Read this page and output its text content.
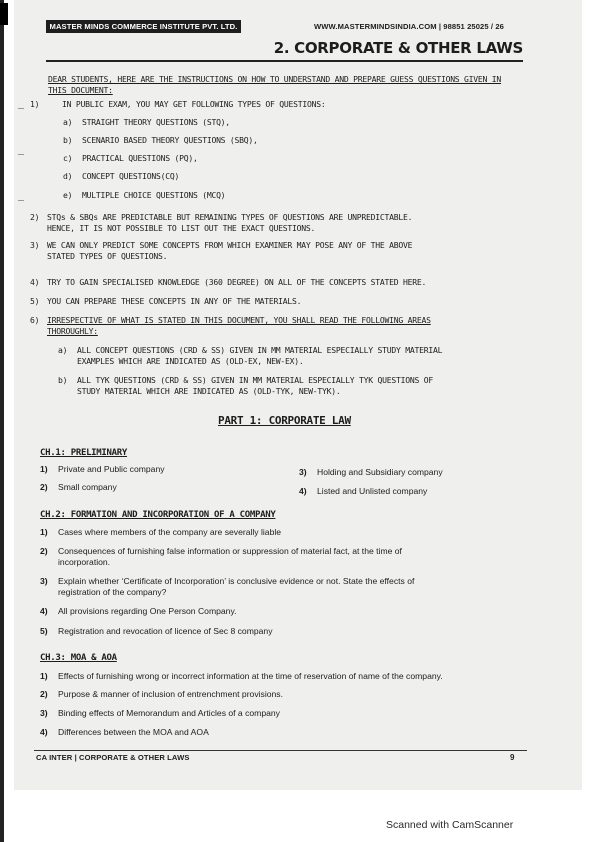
MASTER MINDS COMMERCE INSTITUTE PVT. LTD.	WWW.MASTERMINDSINDIA.COM | 98851 25025 / 26
2. CORPORATE & OTHER LAWS
DEAR STUDENTS, HERE ARE THE INSTRUCTIONS ON HOW TO UNDERSTAND AND PREPARE GUESS QUESTIONS GIVEN IN THIS DOCUMENT:
1)	IN PUBLIC EXAM, YOU MAY GET FOLLOWING TYPES OF QUESTIONS:
a) STRAIGHT THEORY QUESTIONS (STQ),
b) SCENARIO BASED THEORY QUESTIONS (SBQ),
c) PRACTICAL QUESTIONS (PQ),
d) CONCEPT QUESTIONS(CQ)
e) MULTIPLE CHOICE QUESTIONS (MCQ)
2) STQs & SBQs ARE PREDICTABLE BUT REMAINING TYPES OF QUESTIONS ARE UNPREDICTABLE.
HENCE, IT IS NOT POSSIBLE TO LIST OUT THE EXACT QUESTIONS.
3) WE CAN ONLY PREDICT SOME CONCEPTS FROM WHICH EXAMINER MAY POSE ANY OF THE ABOVE
STATED TYPES OF QUESTIONS.
4) TRY TO GAIN SPECIALISED KNOWLEDGE (360 DEGREE) ON ALL OF THE CONCEPTS STATED HERE.
5) YOU CAN PREPARE THESE CONCEPTS IN ANY OF THE MATERIALS.
6) IRRESPECTIVE OF WHAT IS STATED IN THIS DOCUMENT, YOU SHALL READ THE FOLLOWING AREAS
THOROUGHLY:
a) ALL CONCEPT QUESTIONS (CRD & SS) GIVEN IN MM MATERIAL ESPECIALLY STUDY MATERIAL
EXAMPLES WHICH ARE INDICATED AS (OLD-EX, NEW-EX).
b) ALL TYK QUESTIONS (CRD & SS) GIVEN IN MM MATERIAL ESPECIALLY TYK QUESTIONS OF
STUDY MATERIAL WHICH ARE INDICATED AS (OLD-TYK, NEW-TYK).
PART 1: CORPORATE LAW
CH.1: PRELIMINARY
1) Private and Public company
2) Small company
3) Holding and Subsidiary company
4) Listed and Unlisted company
CH.2: FORMATION AND INCORPORATION OF A COMPANY
1) Cases where members of the company are severally liable
2) Consequences of furnishing false information or suppression of material fact, at the time of
incorporation.
3) Explain whether ‘Certificate of Incorporation’ is conclusive evidence or not. State the effects of
registration of the company?
4) All provisions regarding One Person Company.
5) Registration and revocation of licence of Sec 8 company
CH.3: MOA & AOA
1) Effects of furnishing wrong or incorrect information at the time of reservation of name of the company.
2) Purpose & manner of inclusion of entrenchment provisions.
3) Binding effects of Memorandum and Articles of a company
4) Differences between the MOA and AOA
CA INTER | CORPORATE & OTHER LAWS	9
Scanned with CamScanner
